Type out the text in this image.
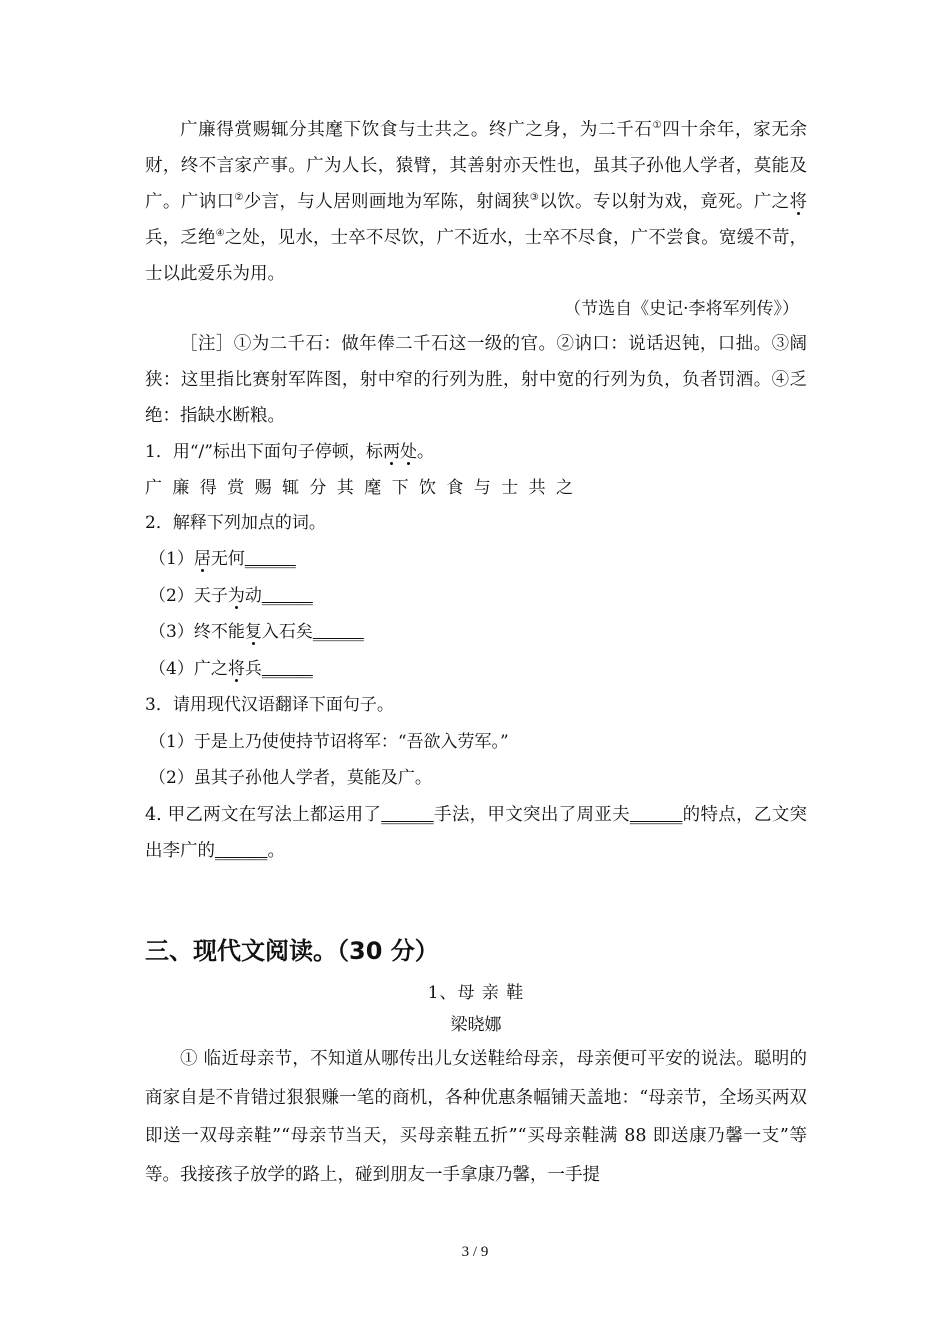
广廉得赏赐辄分其麾下饮食与士共之。终广之身，为二千石①四十余年，家无余财，终不言家产事。广为人长，猿臂，其善射亦天性也，虽其子孙他人学者，莫能及广。广讷口②少言，与人居则画地为军陈，射阔狭③以饮。专以射为戏，竟死。广之将兵，乏绝④之处，见水，士卒不尽饮，广不近水，士卒不尽食，广不尝食。宽缓不苛，士以此爱乐为用。

（节选自《史记·李将军列传》）

［注］①为二千石：做年俸二千石这一级的官。②讷口：说话迟钝，口拙。③阔狭：这里指比赛射军阵图，射中窄的行列为胜，射中宽的行列为负，负者罚酒。④乏绝：指缺水断粮。

1．用“/”标出下面句子停顿，标两处。
广廉得赏赐辄分其麾下饮食与士共之
2．解释下列加点的词。
（1）居无何______
（2）天子为动______
（3）终不能复入石矣______
（4）广之将兵______
3．请用现代汉语翻译下面句子。
（1）于是上乃使使持节诏将军：“吾欲入劳军。”
（2）虽其子孙他人学者，莫能及广。
4. 甲乙两文在写法上都运用了______手法，甲文突出了周亚夫______的特点，乙文突出李广的______。
三、现代文阅读。（30 分）
1、母 亲 鞋
梁晓娜

① 临近母亲节，不知道从哪传出儿女送鞋给母亲，母亲便可平安的说法。聪明的商家自是不肯错过狠狠赚一笔的商机，各种优惠条幅铺天盖地：“母亲节，全场买两双即送一双母亲鞋”“母亲节当天，买母亲鞋五折”“买母亲鞋满 88 即送康乃馨一支”等等。我接孩子放学的路上，碰到朋友一手拿康乃馨，一手提

3 / 9
